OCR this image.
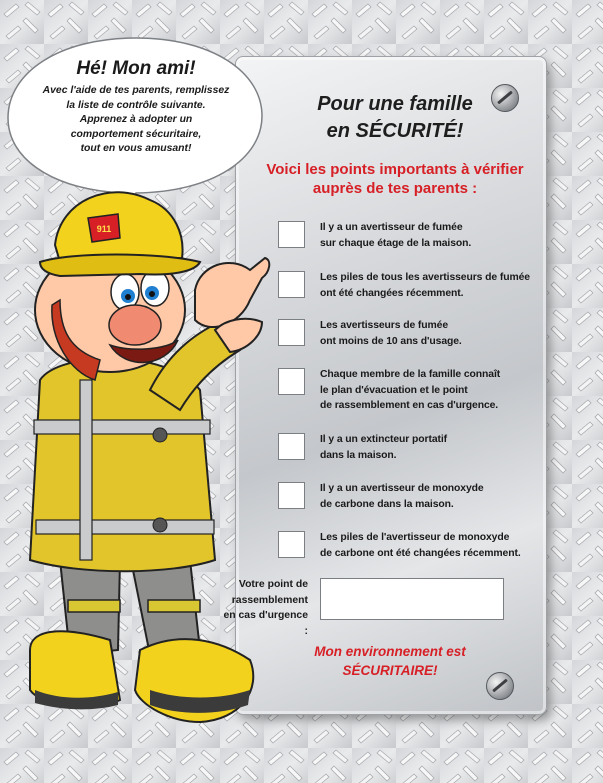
Hé! Mon ami!
Avec l'aide de tes parents, remplissez
la liste de contrôle suivante.
Apprenez à adopter un
comportement sécuritaire,
tout en vous amusant!
911
Pour une famille
en SÉCURITÉ!
Voici les points importants à vérifier
auprès de tes parents :
Il y a un avertisseur de fumée
sur chaque étage de la maison.
Les piles de tous les avertisseurs de fumée
ont été changées récemment.
Les avertisseurs de fumée
ont moins de 10 ans d'usage.
Chaque membre de la famille connaît
le plan d'évacuation et le point
de rassemblement en cas d'urgence.
Il y a un extincteur portatif
dans la maison.
Il y a un avertisseur de monoxyde
de carbone dans la maison.
Les piles de l'avertisseur de monoxyde
de carbone ont été changées récemment.
Votre point de
rassemblement
en cas d'urgence :
Mon environnement est
SÉCURITAIRE!
